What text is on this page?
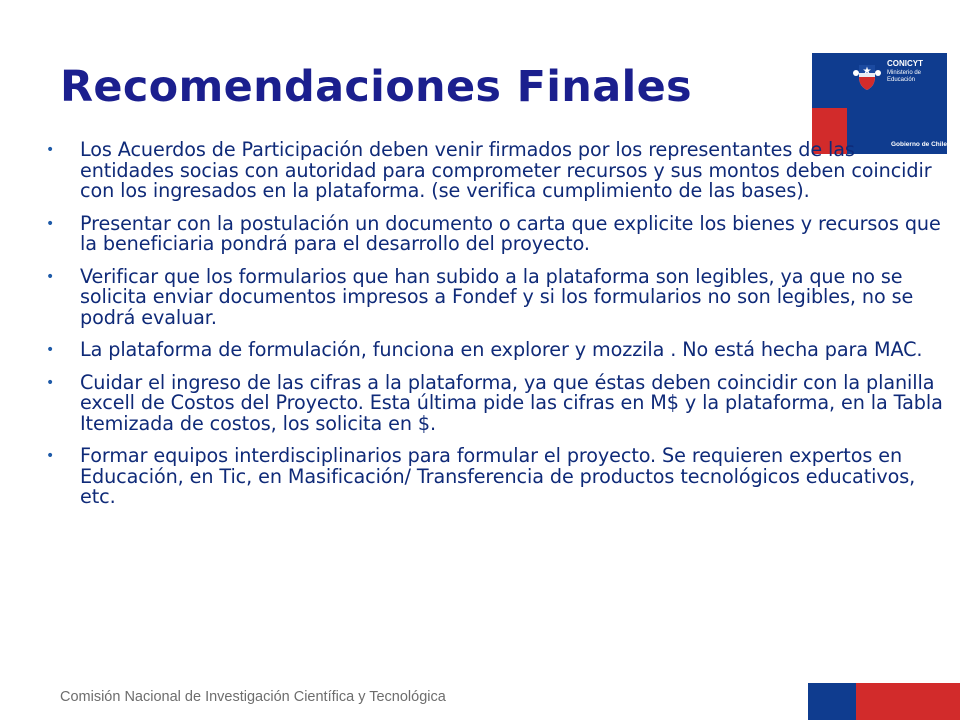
Recomendaciones Finales	CONICYT
Ministerio de Educación
Gobierno de Chile
• Los Acuerdos de Participación deben venir firmados por los representantes de las entidades socias con autoridad para comprometer recursos y sus montos deben coincidir con los ingresados en la plataforma. (se verifica cumplimiento de las bases).
• Presentar con la postulación un documento o carta que explicite los bienes y recursos que la beneficiaria pondrá para el desarrollo del proyecto.
• Verificar que los formularios que han subido a la plataforma son legibles, ya que no se solicita enviar documentos impresos a Fondef y si los formularios no son legibles, no se podrá evaluar.
• La plataforma de formulación, funciona en explorer y mozzila . No está hecha para MAC.
• Cuidar el ingreso de las cifras a la plataforma, ya que éstas deben coincidir con la planilla excell de Costos del Proyecto. Esta última pide las cifras en M$ y la plataforma, en la Tabla Itemizada de costos, los solicita en $.
• Formar equipos interdisciplinarios para formular el proyecto. Se requieren expertos en Educación, en Tic, en Masificación/ Transferencia de productos tecnológicos educativos, etc.
Comisión Nacional de Investigación Científica y Tecnológica
